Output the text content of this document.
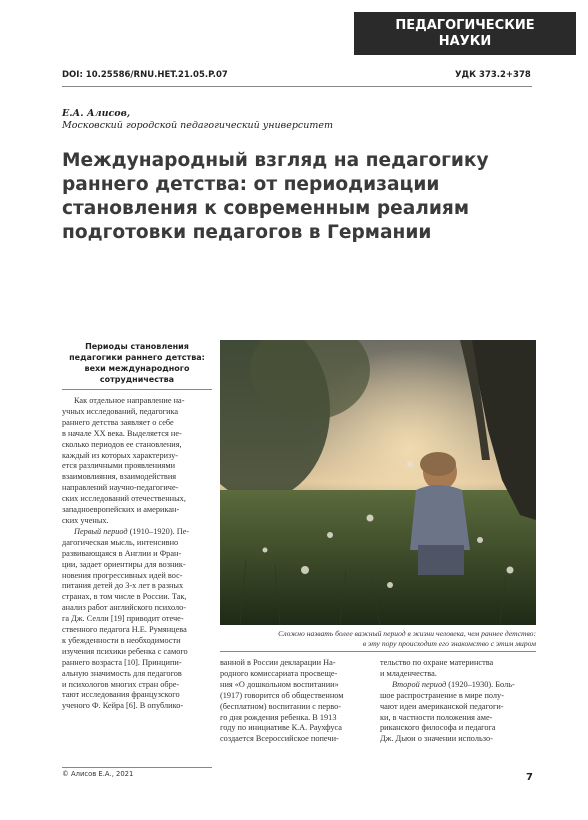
ПЕДАГОГИЧЕСКИЕ
НАУКИ
DOI: 10.25586/RNU.HET.21.05.P.07	УДК 373.2+378
Е.А. Алисов,
Московский городской педагогический университет
Международный взгляд на педагогику
раннего детства: от периодизации
становления к современным реалиям
подготовки педагогов в Германии
Периоды становления
педагогики раннего детства:
вехи международного
сотрудничества
Как отдельное направление на-
учных исследований, педагогика
раннего детства заявляет о себе
в начале XX века. Выделяется не-
сколько периодов ее становления,
каждый из которых характеризу-
ется различными проявлениями
взаимовлияния, взаимодействия
направлений научно-педагогиче-
ских исследований отечественных,
западноевропейских и американ-
ских ученых.
Первый период (1910–1920). Пе-
дагогическая мысль, интенсивно
развивающаяся в Англии и Фран-
ции, задает ориентиры для возник-
новения прогрессивных идей вос-
питания детей до 3-х лет в разных
странах, в том числе в России. Так,
анализ работ английского психоло-
га Дж. Селли [19] приводит отече-
ственного педагога Н.Е. Румянцева
к убежденности в необходимости
изучения психики ребенка с самого
раннего возраста [10]. Принципи-
альную значимость для педагогов
и психологов многих стран обре-
тают исследования французского
ученого Ф. Кейра [6]. В опублико-
Сложно назвать более важный период в жизни человека, чем раннее детство:
в эту пору происходит его знакомство с этим миром
ванной в России декларации На-
родного комиссариата просвеще-
ния «О дошкольном воспитании»
(1917) говорится об общественном
(бесплатном) воспитании с перво-
го дня рождения ребенка. В 1913
году по инициативе К.А. Раухфуса
создается Всероссийское попечи-
тельство по охране материнства
и младенчества.
Второй период (1920–1930). Боль-
шое распространение в мире полу-
чают идеи американской педагоги-
ки, в частности положения аме-
риканского философа и педагога
Дж. Дьюи о значении использо-
© Алисов Е.А., 2021	7
